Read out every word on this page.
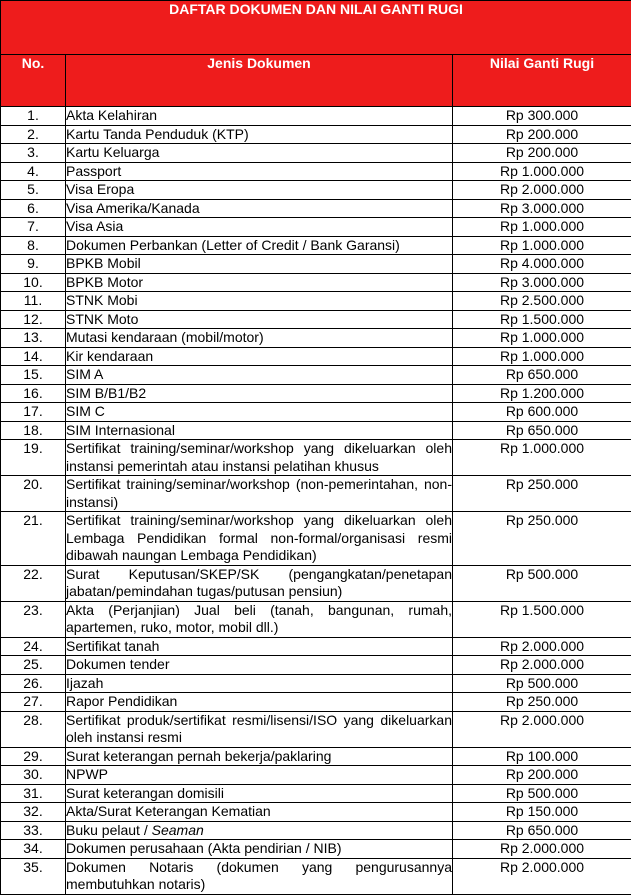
DAFTAR DOKUMEN DAN NILAI GANTI RUGI		
No.	Jenis Dokumen	Nilai Ganti Rugi
1.	Akta Kelahiran	Rp 300.000
2.	Kartu Tanda Penduduk (KTP)	Rp 200.000
3.	Kartu Keluarga	Rp 200.000
4.	Passport	Rp 1.000.000
5.	Visa Eropa	Rp 2.000.000
6.	Visa Amerika/Kanada	Rp 3.000.000
7.	Visa Asia	Rp 1.000.000
8.	Dokumen Perbankan (Letter of Credit / Bank Garansi)	Rp 1.000.000
9.	BPKB Mobil	Rp 4.000.000
10.	BPKB Motor	Rp 3.000.000
11.	STNK Mobi	Rp 2.500.000
12.	STNK Moto	Rp 1.500.000
13.	Mutasi kendaraan (mobil/motor)	Rp 1.000.000
14.	Kir kendaraan	Rp 1.000.000
15.	SIM A	Rp 650.000
16.	SIM B/B1/B2	Rp 1.200.000
17.	SIM C	Rp 600.000
18.	SIM Internasional	Rp 650.000
19.	Sertifikat training/seminar/workshop yang dikeluarkan oleh instansi pemerintah atau instansi pelatihan khusus	Rp 1.000.000
20.	Sertifikat training/seminar/workshop (non-pemerintahan, non-instansi)	Rp 250.000
21.	Sertifikat training/seminar/workshop yang dikeluarkan oleh Lembaga Pendidikan formal non-formal/organisasi resmi dibawah naungan Lembaga Pendidikan)	Rp 250.000
22.	Surat Keputusan/SKEP/SK (pengangkatan/penetapan jabatan/pemindahan tugas/putusan pensiun)	Rp 500.000
23.	Akta (Perjanjian) Jual beli (tanah, bangunan, rumah, apartemen, ruko, motor, mobil dll.)	Rp 1.500.000
24.	Sertifikat tanah	Rp 2.000.000
25.	Dokumen tender	Rp 2.000.000
26.	Ijazah	Rp 500.000
27.	Rapor Pendidikan	Rp 250.000
28.	Sertifikat produk/sertifikat resmi/lisensi/ISO yang dikeluarkan oleh instansi resmi	Rp 2.000.000
29.	Surat keterangan pernah bekerja/paklaring	Rp 100.000
30.	NPWP	Rp 200.000
31.	Surat keterangan domisili	Rp 500.000
32.	Akta/Surat Keterangan Kematian	Rp 150.000
33.	Buku pelaut / Seaman	Rp 650.000
34.	Dokumen perusahaan (Akta pendirian / NIB)	Rp 2.000.000
35.	Dokumen Notaris (dokumen yang pengurusannya membutuhkan notaris)	Rp 2.000.000
